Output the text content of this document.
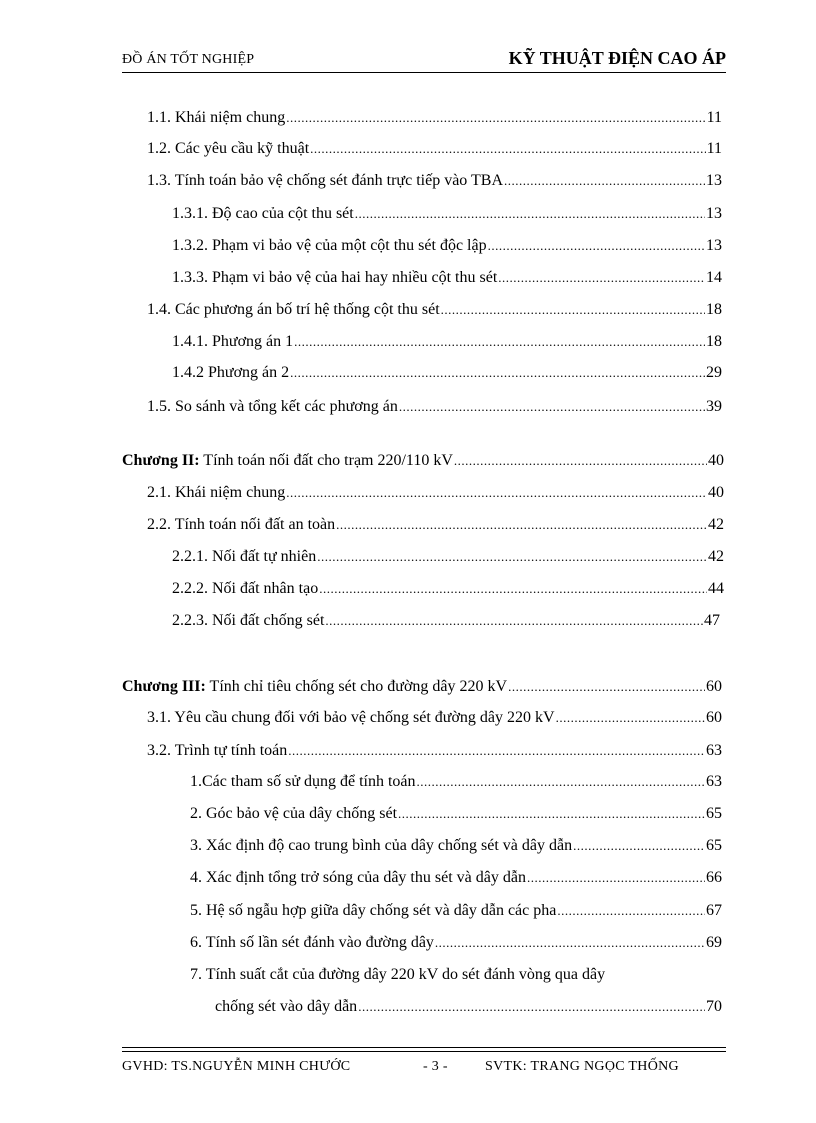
ĐỒ ÁN TỐT NGHIỆP	KỸ THUẬT ĐIỆN CAO ÁP
1.1. Khái niệm chung .....	11
1.2. Các yêu cầu kỹ thuật .....	11
1.3. Tính toán bảo vệ chống sét đánh trực tiếp vào TBA .....	13
1.3.1. Độ cao của cột thu sét .....	13
1.3.2. Phạm vi bảo vệ của một cột thu sét độc lập .....	13
1.3.3. Phạm vi bảo vệ của hai hay nhiều cột thu sét .....	14
1.4. Các phương án bố trí hệ thống cột thu sét .....	18
1.4.1. Phương án 1 .....	18
1.4.2 Phương án 2 .....	29
1.5. So sánh và tổng kết các phương án .....	39
Chương II: Tính toán nối đất cho trạm 220/110 kV .....	40
2.1. Khái niệm chung .....	40
2.2. Tính toán nối đất an toàn .....	42
2.2.1. Nối đất tự nhiên .....	42
2.2.2. Nối đất nhân tạo .....	44
2.2.3. Nối đất chống sét .....	47
Chương III: Tính chỉ tiêu chống sét cho đường dây 220 kV .....	60
3.1. Yêu cầu chung đối với bảo vệ chống sét đường dây 220 kV .....	60
3.2. Trình tự tính toán .....	63
1.Các tham số sử dụng để tính toán .....	63
2. Góc bảo vệ của dây chống sét .....	65
3. Xác định độ cao trung bình của dây chống sét và dây dẫn .....	65
4. Xác định tổng trở sóng của dây thu sét và dây dẫn .....	66
5. Hệ số ngẫu hợp giữa dây chống sét và dây dẫn các pha .....	67
6. Tính số lần sét đánh vào đường dây .....	69
7. Tính suất cắt của đường dây 220 kV do sét đánh vòng qua dây
chống sét vào dây dẫn .....	70
GVHD: TS.NGUYỄN MINH CHƯỚC	- 3 -	SVTK: TRANG NGỌC THỐNG
